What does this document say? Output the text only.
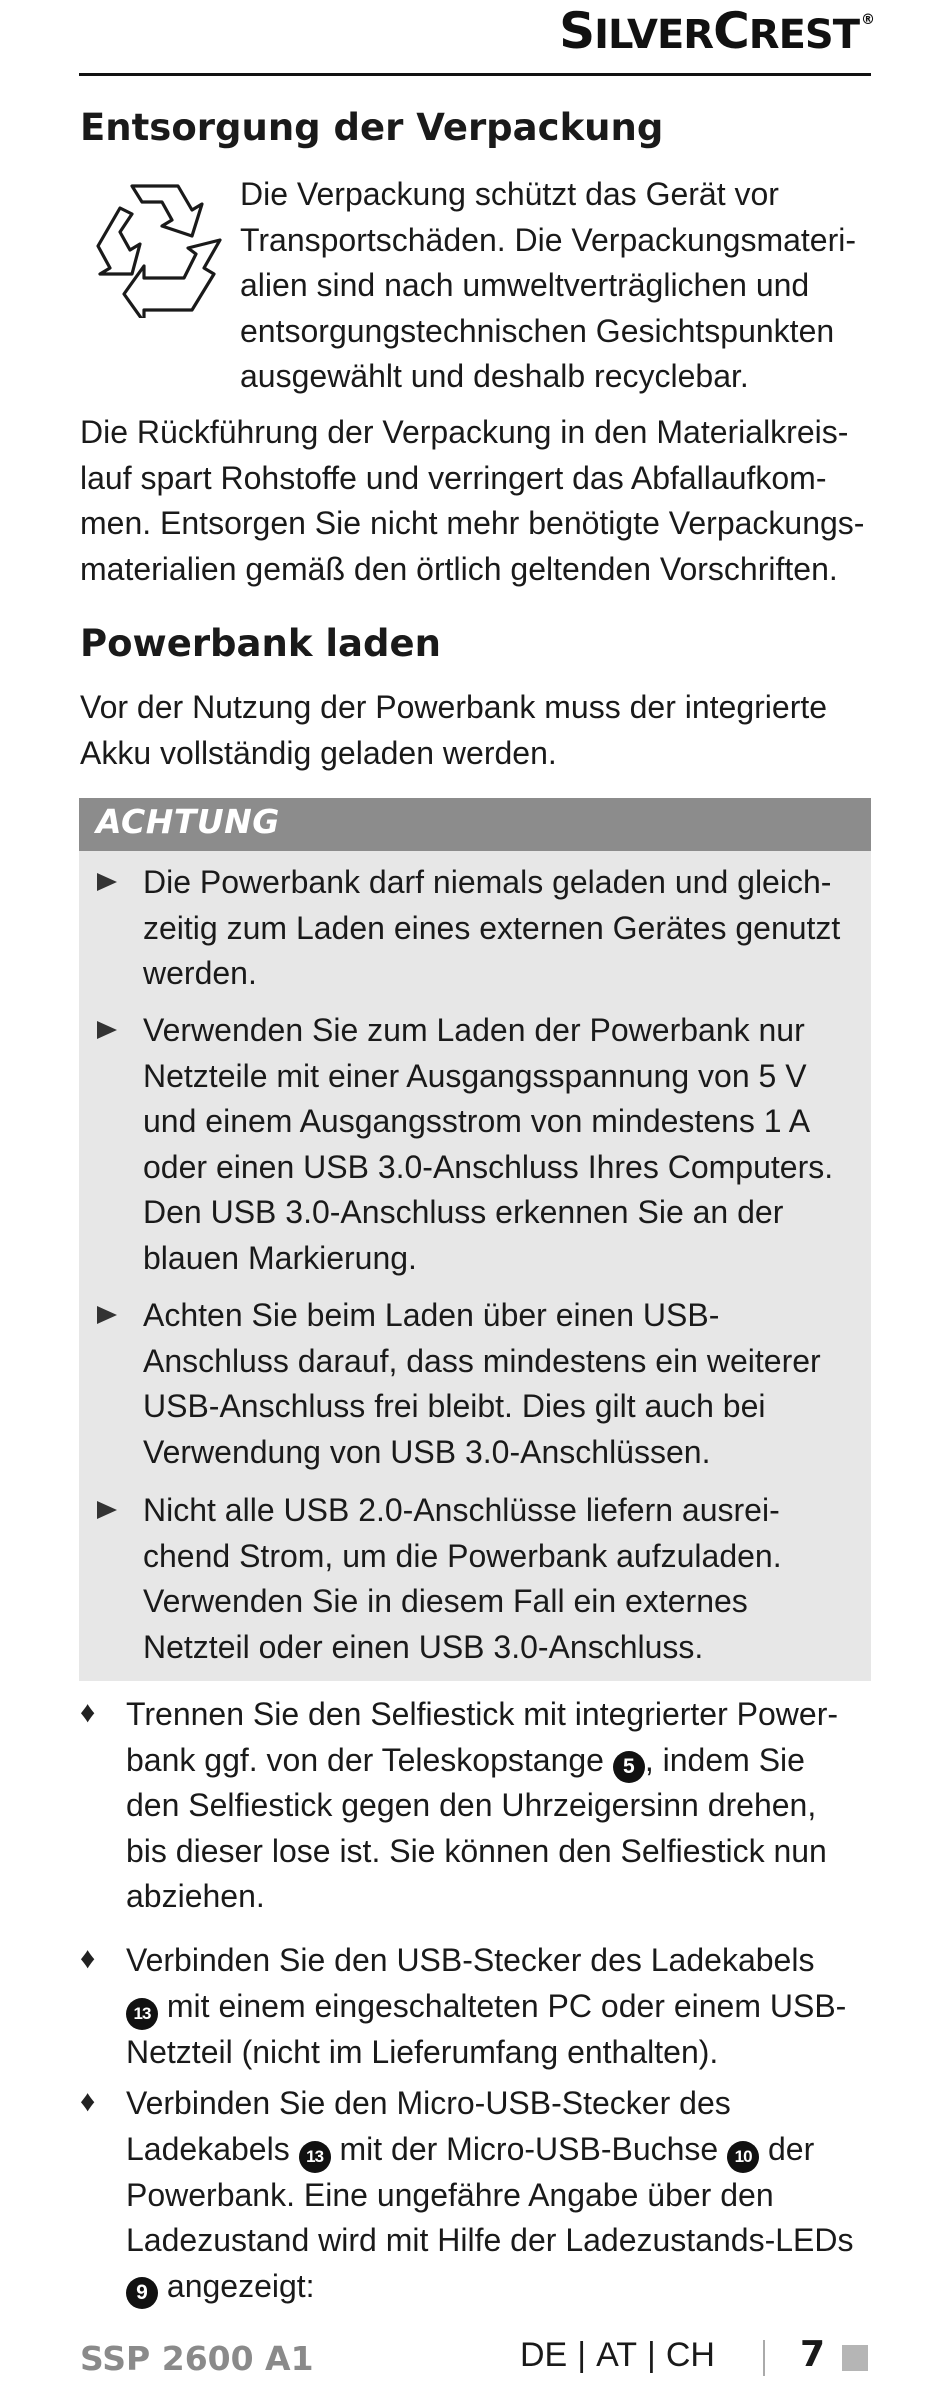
SILVERCREST ®
Entsorgung der Verpackung
Die Verpackung schützt das Gerät vor
Transportschäden. Die Verpackungsmateri-
alien sind nach umweltverträglichen und
entsorgungstechnischen Gesichtspunkten
ausgewählt und deshalb recyclebar.
Die Rückführung der Verpackung in den Materialkreis-
lauf spart Rohstoffe und verringert das Abfallaufkom-
men. Entsorgen Sie nicht mehr benötigte Verpackungs-
materialien gemäß den örtlich geltenden Vorschriften.
Powerbank laden
Vor der Nutzung der Powerbank muss der integrierte
Akku vollständig geladen werden.
ACHTUNG
Die Powerbank darf niemals geladen und gleich-
zeitig zum Laden eines externen Gerätes genutzt
werden.
Verwenden Sie zum Laden der Powerbank nur
Netzteile mit einer Ausgangsspannung von 5 V
und einem Ausgangsstrom von mindestens 1 A
oder einen USB 3.0-Anschluss Ihres Computers.
Den USB 3.0-Anschluss erkennen Sie an der
blauen Markierung.
Achten Sie beim Laden über einen USB-
Anschluss darauf, dass mindestens ein weiterer
USB-Anschluss frei bleibt. Dies gilt auch bei
Verwendung von USB 3.0-Anschlüssen.
Nicht alle USB 2.0-Anschlüsse liefern ausrei-
chend Strom, um die Powerbank aufzuladen.
Verwenden Sie in diesem Fall ein externes
Netzteil oder einen USB 3.0-Anschluss.
♦ Trennen Sie den Selfiestick mit integrierter Power-
bank ggf. von der Teleskopstange 5 , indem Sie
den Selfiestick gegen den Uhrzeigersinn drehen,
bis dieser lose ist. Sie können den Selfiestick nun
abziehen.
♦ Verbinden Sie den USB-Stecker des Ladekabels
13 mit einem eingeschalteten PC oder einem USB-
Netzteil (nicht im Lieferumfang enthalten).
♦ Verbinden Sie den Micro-USB-Stecker des
Ladekabels 13 mit der Micro-USB-Buchse 10 der
Powerbank. Eine ungefähre Angabe über den
Ladezustand wird mit Hilfe der Ladezustands-LEDs
9 angezeigt:
SSP 2600 A1	DE | AT | CH 7
